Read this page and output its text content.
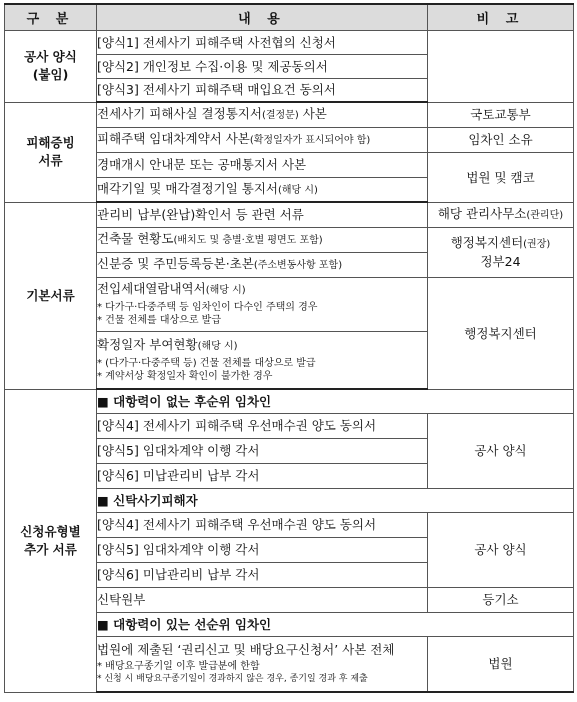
구 분	내 용	비 고
공사 양식
(붙임)	[양식1] 전세사기 피해주택 사전협의 신청서	
	[양식2] 개인정보 수집·이용 및 제공동의서	
	[양식3] 전세사기 피해주택 매입요건 동의서	
피해증빙
서류	전세사기 피해사실 결정통지서(결정문) 사본	국토교통부
	피해주택 임대차계약서 사본(확정일자가 표시되어야 함)	임차인 소유
	경매개시 안내문 또는 공매통지서 사본	법원 및 캠코
	매각기일 및 매각결정기일 통지서(해당 시)	
기본서류	관리비 납부(완납)확인서 등 관련 서류	해당 관리사무소(관리단)
	건축물 현황도(배치도 및 층별·호별 평면도 포함)	행정복지센터(권장)
정부24
	신분증 및 주민등록등본·초본(주소변동사항 포함)	

	전입세대열람내역서(해당 시)
* 다가구·다중주택 등 임차인이 다수인 주택의 경우
* 건물 전체를 대상으로 발급	행정복지센터

	확정일자 부여현황(해당 시)
* (다가구·다중주택 등) 건물 전체를 대상으로 발급
* 계약서상 확정일자 확인이 불가한 경우	

신청유형별
추가 서류	■ 대항력이 없는 후순위 임차인	
	[양식4] 전세사기 피해주택 우선매수권 양도 동의서	공사 양식
	[양식5] 임대차계약 이행 각서	
	[양식6] 미납관리비 납부 각서	
	■ 신탁사기피해자	
	[양식4] 전세사기 피해주택 우선매수권 양도 동의서	공사 양식
	[양식5] 임대차계약 이행 각서	
	[양식6] 미납관리비 납부 각서	
	신탁원부	등기소
	■ 대항력이 있는 선순위 임차인	

	법원에 제출된 ‘권리신고 및 배당요구신청서’ 사본 전체
* 배당요구종기일 이후 발급분에 한함
* 신청 시 배당요구종기일이 경과하지 않은 경우, 종기일 경과 후 제출	법원
